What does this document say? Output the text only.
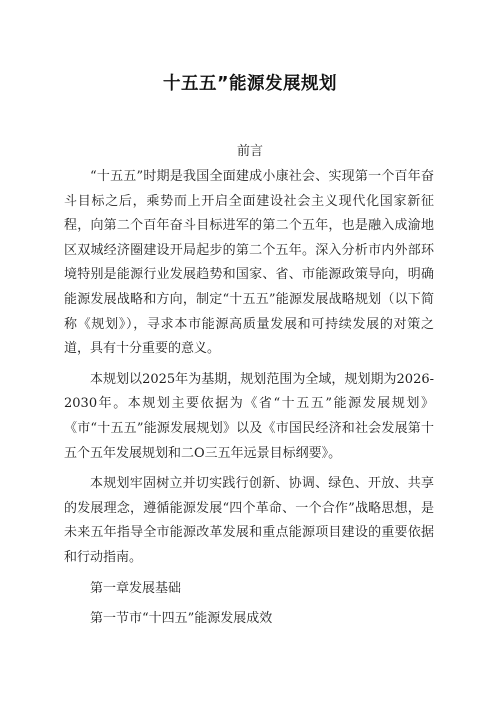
十五五”能源发展规划
前言

“十五五”时期是我国全面建成小康社会、实现第一个百年奋斗目标之后，乘势而上开启全面建设社会主义现代化国家新征程，向第二个百年奋斗目标进军的第二个五年，也是融入成渝地区双城经济圈建设开局起步的第二个五年。深入分析市内外部环境特别是能源行业发展趋势和国家、省、市能源政策导向，明确能源发展战略和方向，制定“十五五”能源发展战略规划（以下简称《规划》），寻求本市能源高质量发展和可持续发展的对策之道，具有十分重要的意义。

本规划以2025年为基期，规划范围为全域，规划期为2026-2030年。本规划主要依据为《省“十五五”能源发展规划》《市“十五五”能源发展规划》以及《市国民经济和社会发展第十五个五年发展规划和二O三五年远景目标纲要》。

本规划牢固树立并切实践行创新、协调、绿色、开放、共享的发展理念，遵循能源发展“四个革命、一个合作”战略思想，是未来五年指导全市能源改革发展和重点能源项目建设的重要依据和行动指南。

第一章发展基础

第一节市“十四五”能源发展成效
